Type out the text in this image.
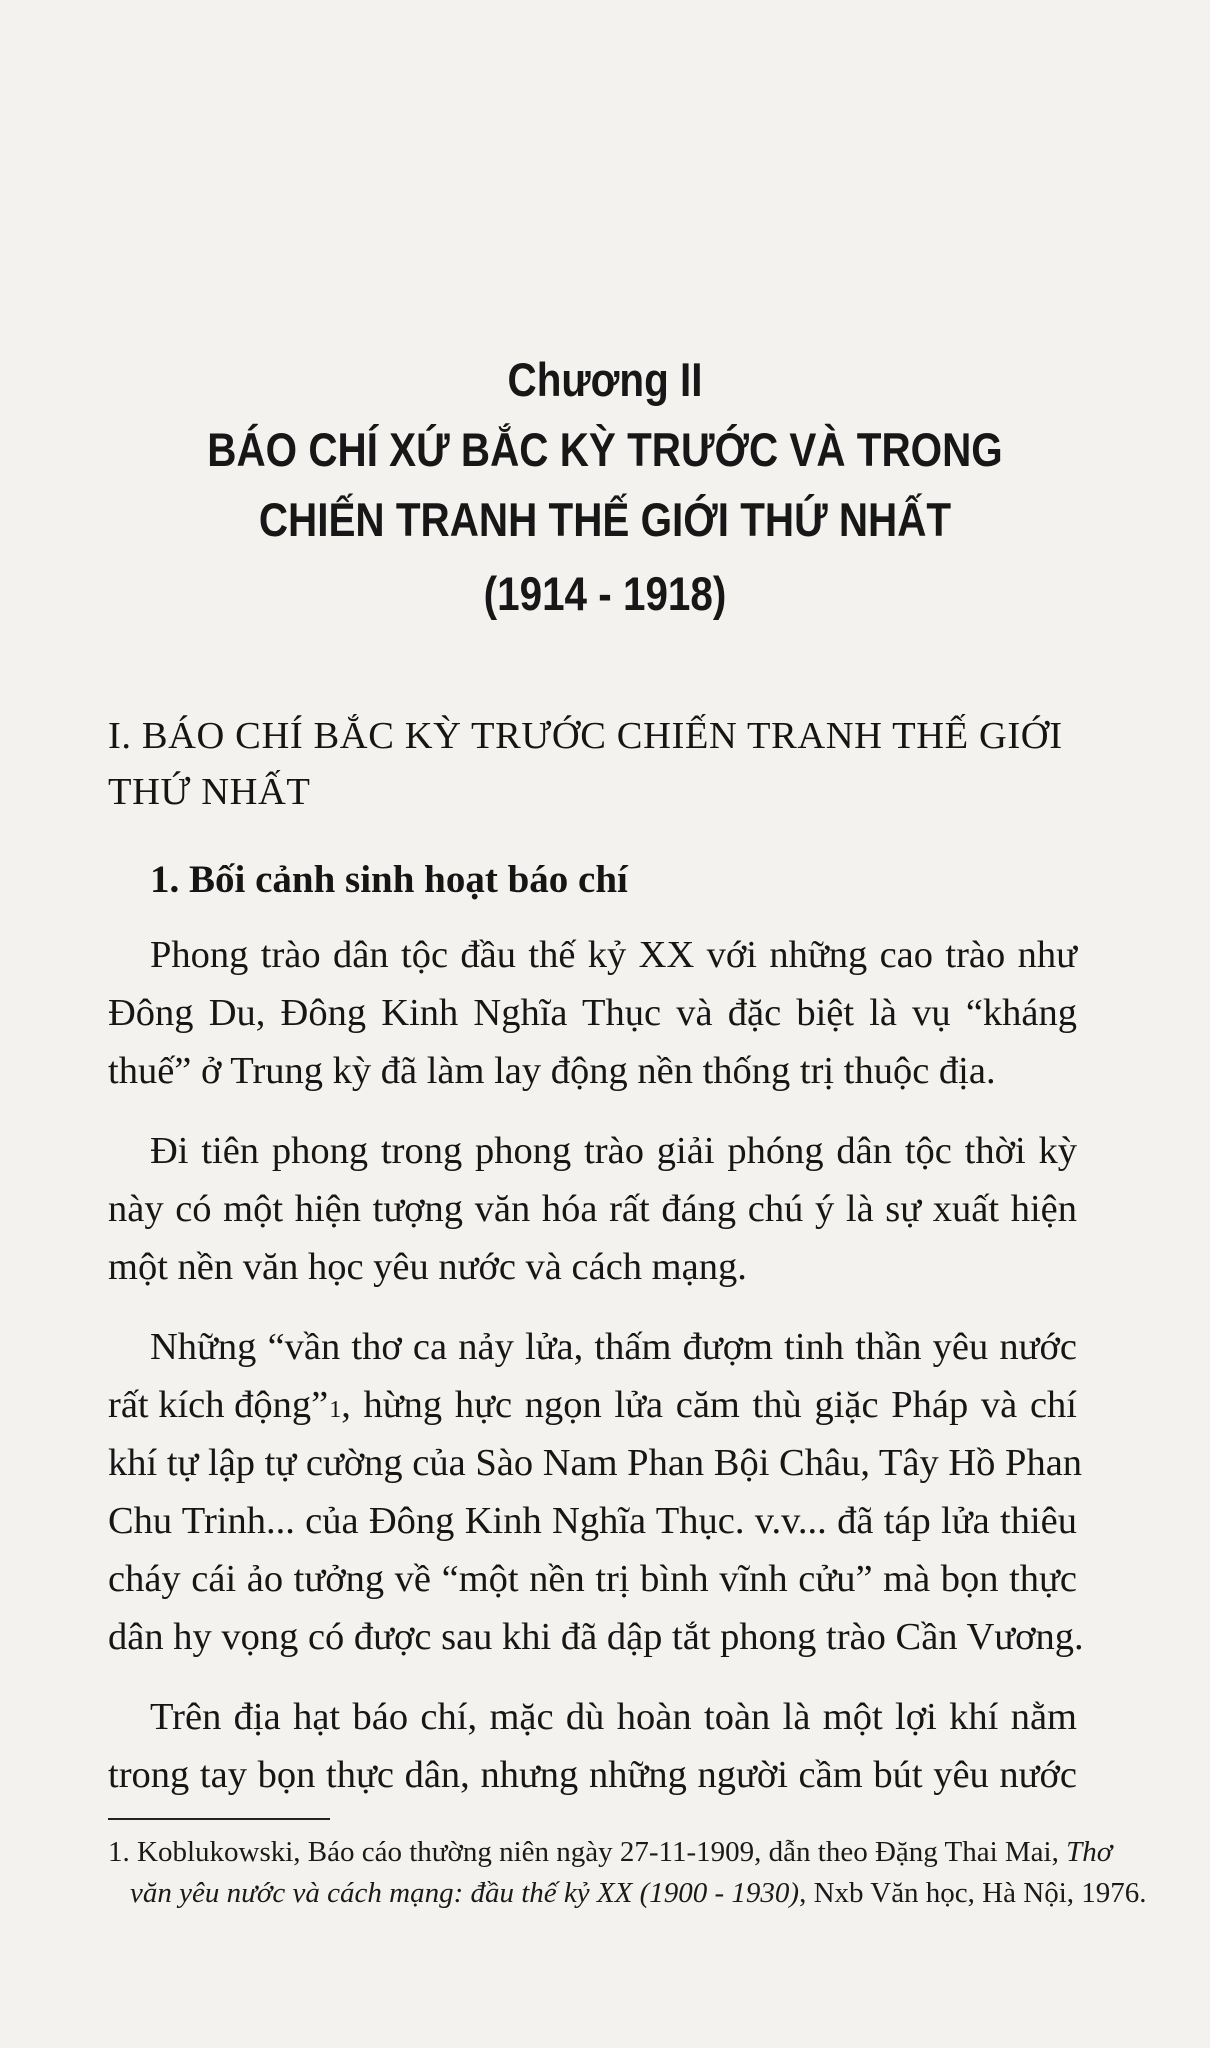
Chương II
BÁO CHÍ XỨ BẮC KỲ TRƯỚC VÀ TRONG
CHIẾN TRANH THẾ GIỚI THỨ NHẤT
(1914 - 1918)
I. BÁO CHÍ BẮC KỲ TRƯỚC CHIẾN TRANH THẾ GIỚI THỨ NHẤT
1. Bối cảnh sinh hoạt báo chí
Phong trào dân tộc đầu thế kỷ XX với những cao trào như
Đông Du, Đông Kinh Nghĩa Thục và đặc biệt là vụ “kháng
thuế” ở Trung kỳ đã làm lay động nền thống trị thuộc địa.
Đi tiên phong trong phong trào giải phóng dân tộc thời kỳ
này có một hiện tượng văn hóa rất đáng chú ý là sự xuất hiện
một nền văn học yêu nước và cách mạng.
Những “vần thơ ca nảy lửa, thấm đượm tinh thần yêu nước
rất kích động” 1 , hừng hực ngọn lửa căm thù giặc Pháp và chí
khí tự lập tự cường của Sào Nam Phan Bội Châu, Tây Hồ Phan
Chu Trinh... của Đông Kinh Nghĩa Thục. v.v... đã táp lửa thiêu
cháy cái ảo tưởng về “một nền trị bình vĩnh cửu” mà bọn thực
dân hy vọng có được sau khi đã dập tắt phong trào Cần Vương.
Trên địa hạt báo chí, mặc dù hoàn toàn là một lợi khí nằm
trong tay bọn thực dân, nhưng những người cầm bút yêu nước
1. Koblukowski, Báo cáo thường niên ngày 27-11-1909, dẫn theo Đặng Thai Mai, Thơ
văn yêu nước và cách mạng: đầu thế kỷ XX (1900 - 1930), Nxb Văn học, Hà Nội, 1976.
